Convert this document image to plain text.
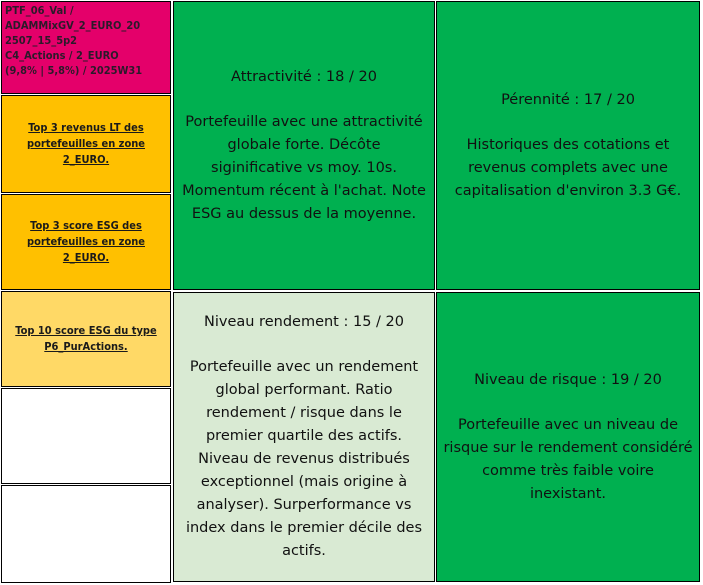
PTF_06_Val /
ADAMMixGV_2_EURO_20
2507_15_5p2
C4_Actions / 2_EURO
(9,8% | 5,8%) / 2025W31
Top 3 revenus LT des portefeuilles en zone 2_EURO.
Top 3 score ESG des portefeuilles en zone 2_EURO.
Top 10 score ESG du type P6_PurActions.
Attractivité : 18 / 20
Portefeuille avec une attractivité globale forte. Décôte siginificative vs moy. 10s. Momentum récent à l'achat. Note ESG au dessus de la moyenne.
Pérennité : 17 / 20
Historiques des cotations et revenus complets avec une capitalisation d'environ 3.3 G€.
Niveau rendement : 15 / 20
Portefeuille avec un rendement global performant. Ratio rendement / risque dans le premier quartile des actifs. Niveau de revenus distribués exceptionnel (mais origine à analyser). Surperformance vs index dans le premier décile des actifs.
Niveau de risque : 19 / 20
Portefeuille avec un niveau de risque sur le rendement considéré comme très faible voire inexistant.
